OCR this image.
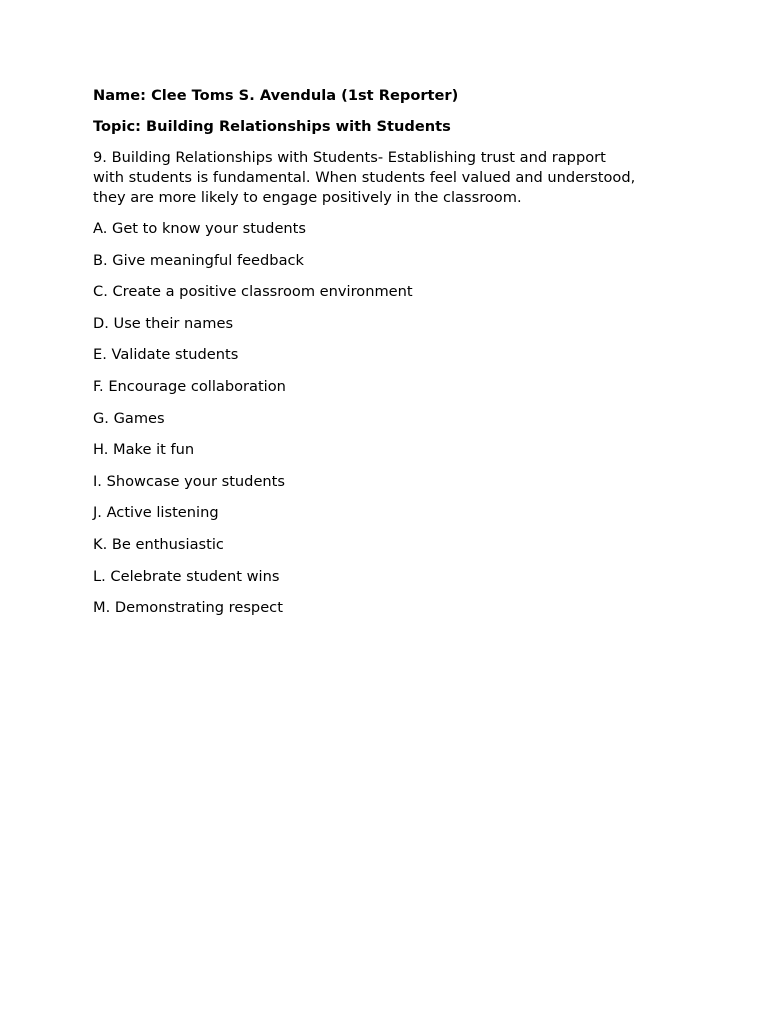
Name: Clee Toms S. Avendula (1st Reporter)

Topic: Building Relationships with Students

9. Building Relationships with Students- Establishing trust and rapport

with students is fundamental. When students feel valued and understood,

they are more likely to engage positively in the classroom.

A. Get to know your students
B. Give meaningful feedback
C. Create a positive classroom environment
D. Use their names
E. Validate students
F. Encourage collaboration
G. Games
H. Make it fun
I. Showcase your students
J. Active listening
K. Be enthusiastic
L. Celebrate student wins
M. Demonstrating respect
